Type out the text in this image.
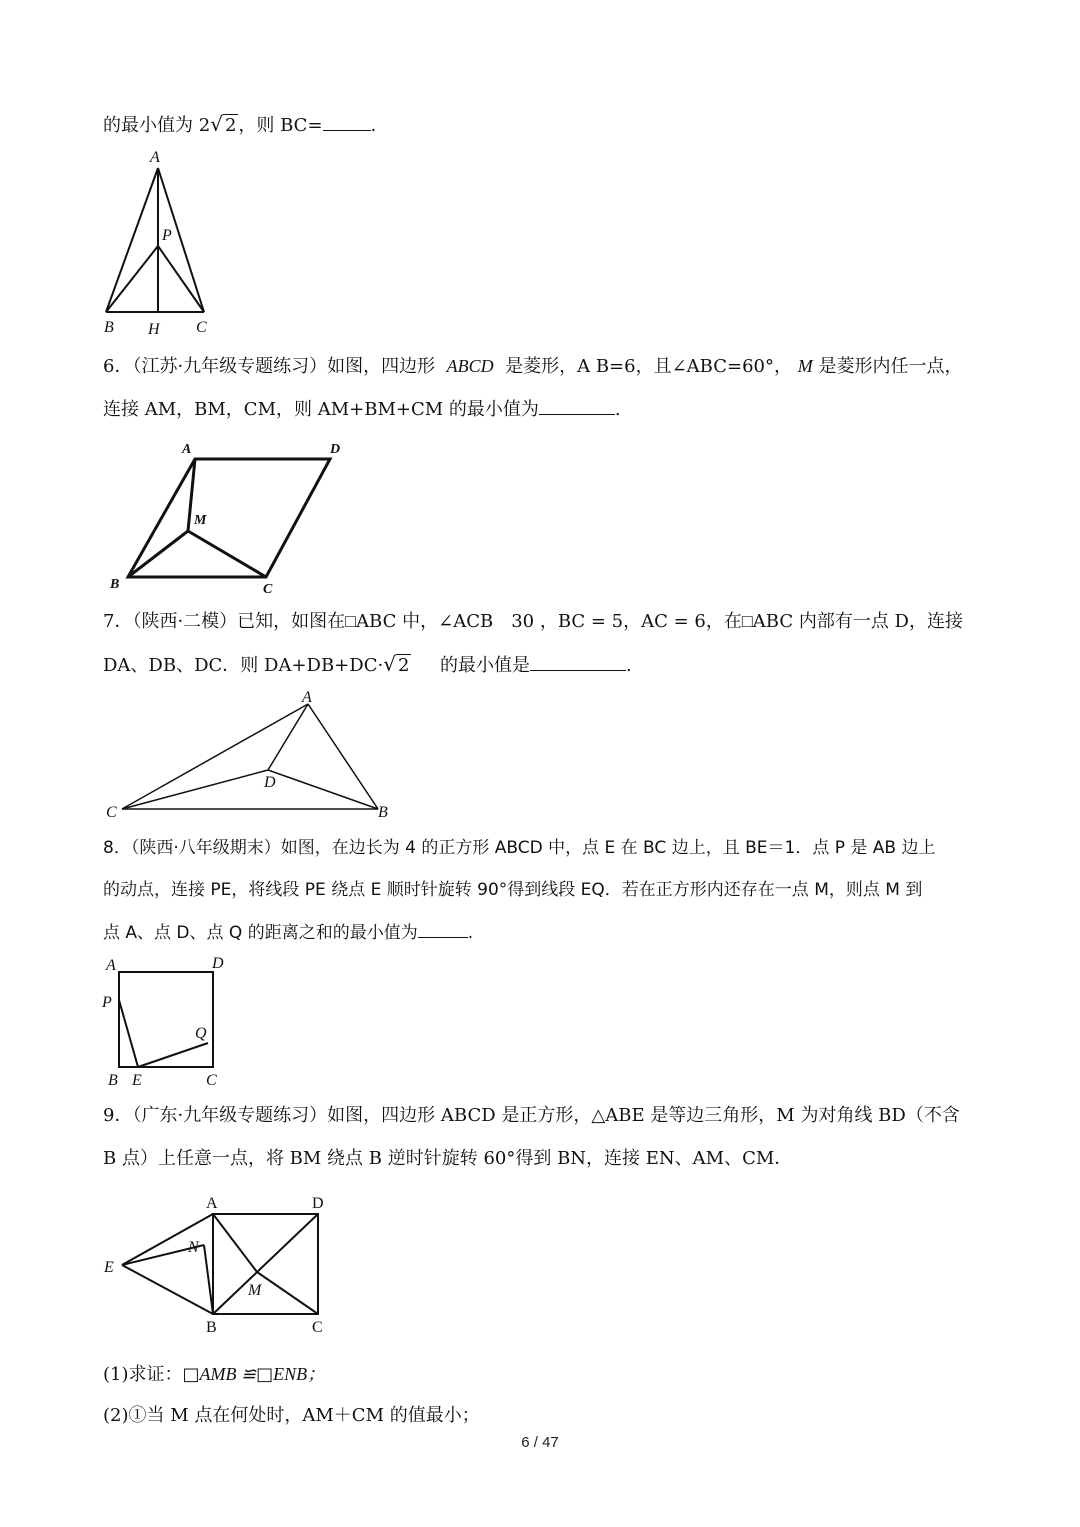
的最小值为 2√ 2 ，则 BC=	.
A
P
B H C
6．（江苏·九年级专题练习）如图，四边形 ABCD 是菱形，A B=6，且∠ABC=60°， M 是菱形内任一点，
连接 AM，BM，CM，则 AM+BM+CM 的最小值为	.
A	D
M
B	C
7．（陕西·二模）已知，如图在□ABC 中，∠ACB　30 ，BC = 5，AC = 6，在□ABC 内部有一点 D，连接
DA、DB、DC．则 DA+DB+DC·√ 2 的最小值是	.
A
D
C	B
8．（陕西·八年级期末）如图，在边长为 4 的正方形 ABCD 中，点 E 在 BC 边上，且 BE＝1．点 P 是 AB 边上
的动点，连接 PE，将线段 PE 绕点 E 顺时针旋转 90°得到线段 EQ．若在正方形内还存在一点 M，则点 M 到
点 A、点 D、点 Q 的距离之和的最小值为	.
A	D
P
Q
B E	C
9．（广东·九年级专题练习）如图，四边形 ABCD 是正方形，△ABE 是等边三角形，M 为对角线 BD（不含
B 点）上任意一点，将 BM 绕点 B 逆时针旋转 60°得到 BN，连接 EN、AM、CM．
A	D
E
N
M
B	C
(1)求证：□AMB ≌□ENB；
(2)①当 M 点在何处时，AM＋CM 的值最小；
6 / 47
